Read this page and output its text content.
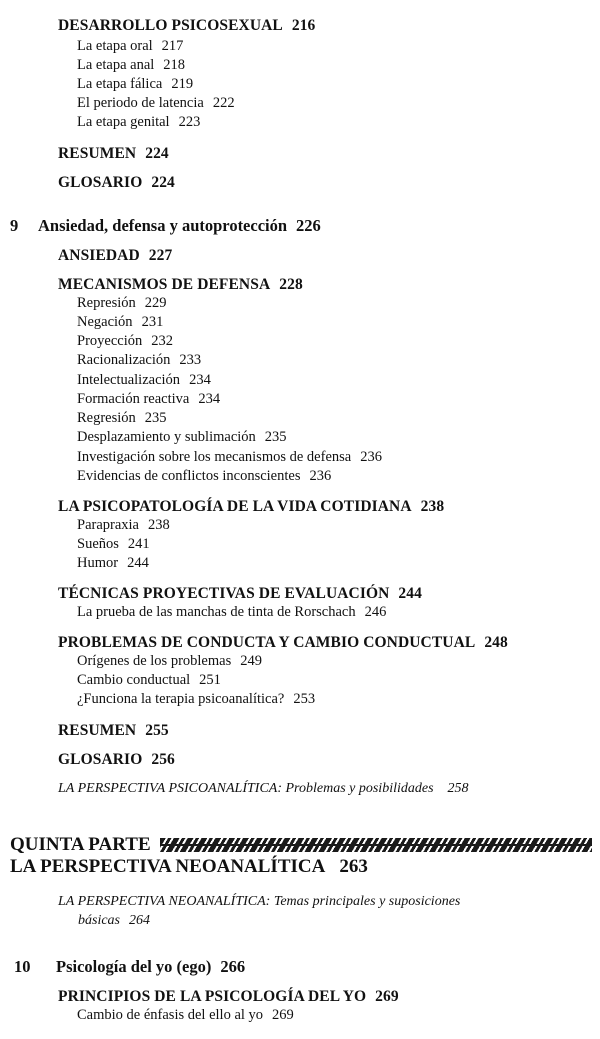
DESARROLLO PSICOSEXUAL 216
La etapa oral 217
La etapa anal 218
La etapa fálica 219
El periodo de latencia 222
La etapa genital 223
RESUMEN 224
GLOSARIO 224
9 Ansiedad, defensa y autoprotección 226
ANSIEDAD 227
MECANISMOS DE DEFENSA 228
Represión 229
Negación 231
Proyección 232
Racionalización 233
Intelectualización 234
Formación reactiva 234
Regresión 235
Desplazamiento y sublimación 235
Investigación sobre los mecanismos de defensa 236
Evidencias de conflictos inconscientes 236
LA PSICOPATOLOGÍA DE LA VIDA COTIDIANA 238
Parapraxia 238
Sueños 241
Humor 244
TÉCNICAS PROYECTIVAS DE EVALUACIÓN 244
La prueba de las manchas de tinta de Rorschach 246
PROBLEMAS DE CONDUCTA Y CAMBIO CONDUCTUAL 248
Orígenes de los problemas 249
Cambio conductual 251
¿Funciona la terapia psicoanalítica? 253
RESUMEN 255
GLOSARIO 256
LA PERSPECTIVA PSICOANALÍTICA: Problemas y posibilidades 258
QUINTA PARTE
LA PERSPECTIVA NEOANALÍTICA 263
LA PERSPECTIVA NEOANALÍTICA: Temas principales y suposiciones
básicas 264
10 Psicología del yo (ego) 266
PRINCIPIOS DE LA PSICOLOGÍA DEL YO 269
Cambio de énfasis del ello al yo 269
